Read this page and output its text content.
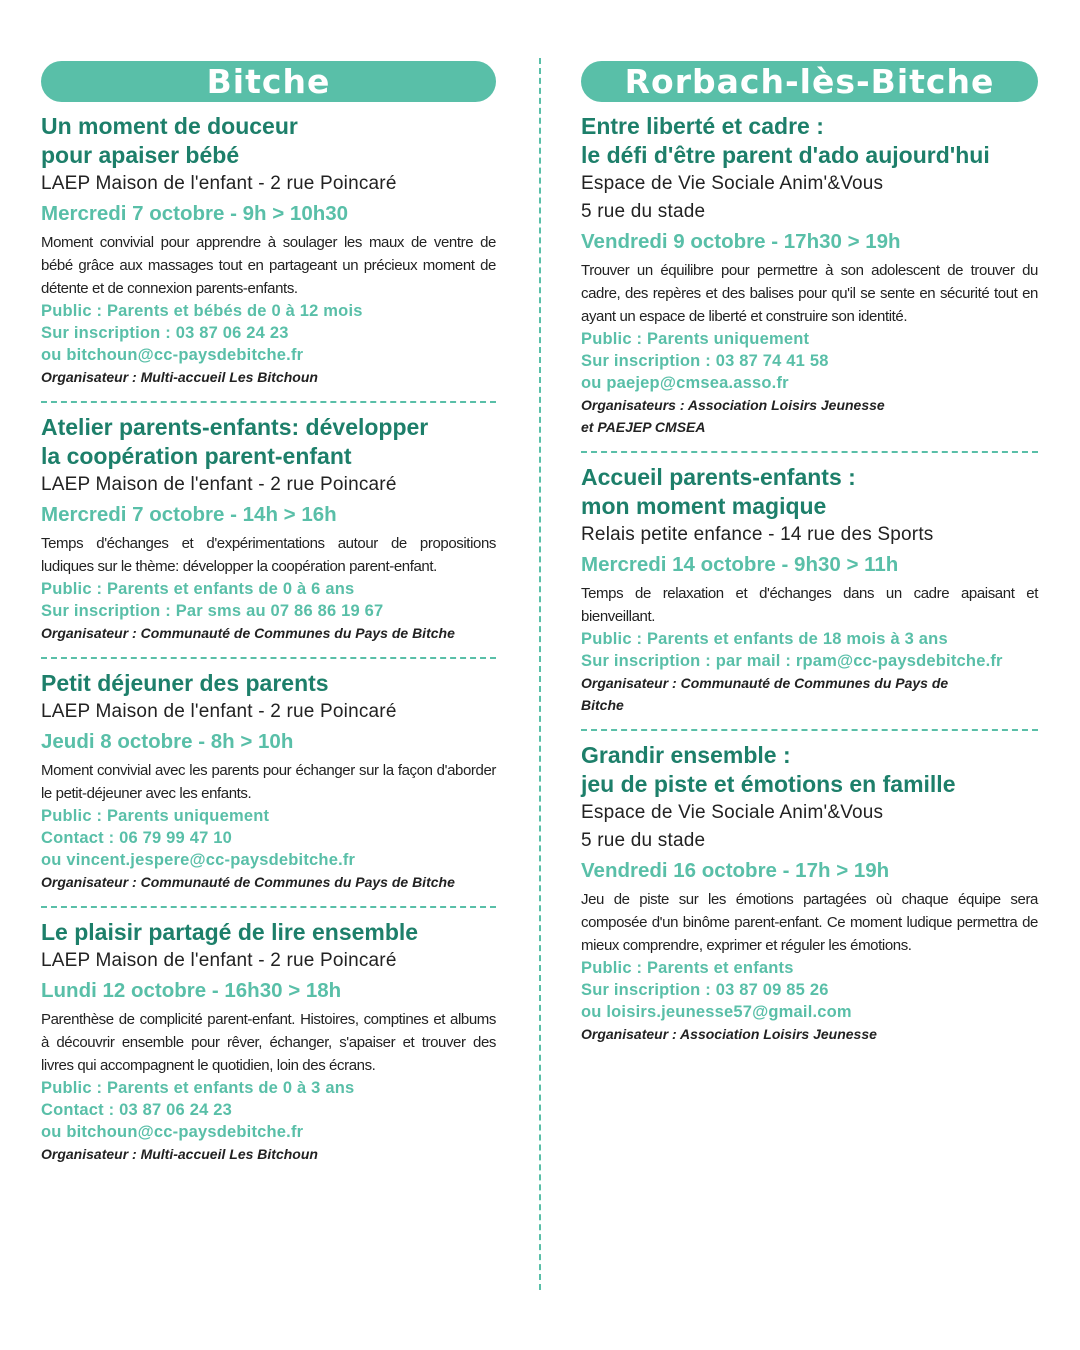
Bitche
Un moment de douceur
pour apaiser bébé
LAEP Maison de l'enfant - 2 rue Poincaré
Mercredi 7 octobre - 9h > 10h30
Moment convivial pour apprendre à soulager les maux de ventre de bébé grâce aux massages tout en partageant un précieux moment de détente et de connexion parents-enfants.
Public : Parents et bébés de 0 à 12 mois
Sur inscription : 03 87 06 24 23
ou bitchoun@cc-paysdebitche.fr
Organisateur : Multi-accueil Les Bitchoun
Atelier parents-enfants: développer
la coopération parent-enfant
LAEP Maison de l'enfant - 2 rue Poincaré
Mercredi 7 octobre - 14h > 16h
Temps d'échanges et d'expérimentations autour de propositions ludiques sur le thème: développer la coopération parent-enfant.
Public : Parents et enfants de 0 à 6 ans
Sur inscription : Par sms au 07 86 86 19 67
Organisateur : Communauté de Communes du Pays de Bitche
Petit déjeuner des parents
LAEP Maison de l'enfant - 2 rue Poincaré
Jeudi 8 octobre - 8h > 10h
Moment convivial avec les parents pour échanger sur la façon d'aborder le petit-déjeuner avec les enfants.
Public : Parents uniquement
Contact : 06 79 99 47 10
ou vincent.jespere@cc-paysdebitche.fr
Organisateur : Communauté de Communes du Pays de Bitche
Le plaisir partagé de lire ensemble
LAEP Maison de l'enfant - 2 rue Poincaré
Lundi 12 octobre - 16h30 > 18h
Parenthèse de complicité parent-enfant. Histoires, comptines et albums à découvrir ensemble pour rêver, échanger, s'apaiser et trouver des livres qui accompagnent le quotidien, loin des écrans.
Public : Parents et enfants de 0 à 3 ans
Contact : 03 87 06 24 23
ou bitchoun@cc-paysdebitche.fr
Organisateur : Multi-accueil Les Bitchoun
Rorbach-lès-Bitche
Entre liberté et cadre :
le défi d'être parent d'ado aujourd'hui
Espace de Vie Sociale Anim'&Vous
5 rue du stade
Vendredi 9 octobre - 17h30 > 19h
Trouver un équilibre pour permettre à son adolescent de trouver du cadre, des repères et des balises pour qu'il se sente en sécurité tout en ayant un espace de liberté et construire son identité.
Public : Parents uniquement
Sur inscription : 03 87 74 41 58
ou paejep@cmsea.asso.fr
Organisateurs : Association Loisirs Jeunesse
et PAEJEP CMSEA
Accueil parents-enfants :
mon moment magique
Relais petite enfance - 14 rue des Sports
Mercredi 14 octobre - 9h30 > 11h
Temps de relaxation et d'échanges dans un cadre apaisant et bienveillant.
Public : Parents et enfants de 18 mois à 3 ans
Sur inscription : par mail : rpam@cc-paysdebitche.fr
Organisateur : Communauté de Communes du Pays de
Bitche
Grandir ensemble :
jeu de piste et émotions en famille
Espace de Vie Sociale Anim'&Vous
5 rue du stade
Vendredi 16 octobre - 17h > 19h
Jeu de piste sur les émotions partagées où chaque équipe sera composée d'un binôme parent-enfant. Ce moment ludique permettra de mieux comprendre, exprimer et réguler les émotions.
Public : Parents et enfants
Sur inscription : 03 87 09 85 26
ou loisirs.jeunesse57@gmail.com
Organisateur : Association Loisirs Jeunesse
